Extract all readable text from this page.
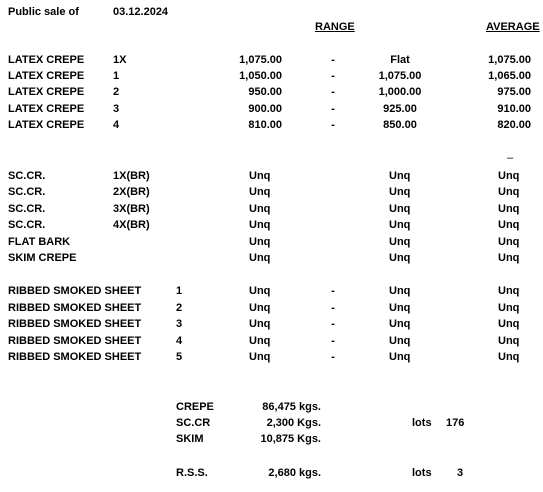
Public sale of	03.12.2024
RANGE	AVERAGE
LATEX CREPE	1X	1,075.00	-	Flat	1,075.00
LATEX CREPE	1	1,050.00	-	1,075.00	1,065.00
LATEX CREPE	2	950.00	-	1,000.00	975.00
LATEX CREPE	3	900.00	-	925.00	910.00
LATEX CREPE	4	810.00	-	850.00	820.00
–
SC.CR.	1X(BR)	Unq	Unq	Unq
SC.CR.	2X(BR)	Unq	Unq	Unq
SC.CR.	3X(BR)	Unq	Unq	Unq
SC.CR.	4X(BR)	Unq	Unq	Unq
FLAT BARK	Unq	Unq	Unq
SKIM CREPE	Unq	Unq	Unq
RIBBED SMOKED SHEET	1	Unq	-	Unq	Unq
RIBBED SMOKED SHEET	2	Unq	-	Unq	Unq
RIBBED SMOKED SHEET	3	Unq	-	Unq	Unq
RIBBED SMOKED SHEET	4	Unq	-	Unq	Unq
RIBBED SMOKED SHEET	5	Unq	-	Unq	Unq
CREPE	86,475 kgs.
SC.CR	2,300 Kgs.	lots 176
SKIM	10,875 Kgs.
R.S.S.	2,680 kgs.	lots 3
